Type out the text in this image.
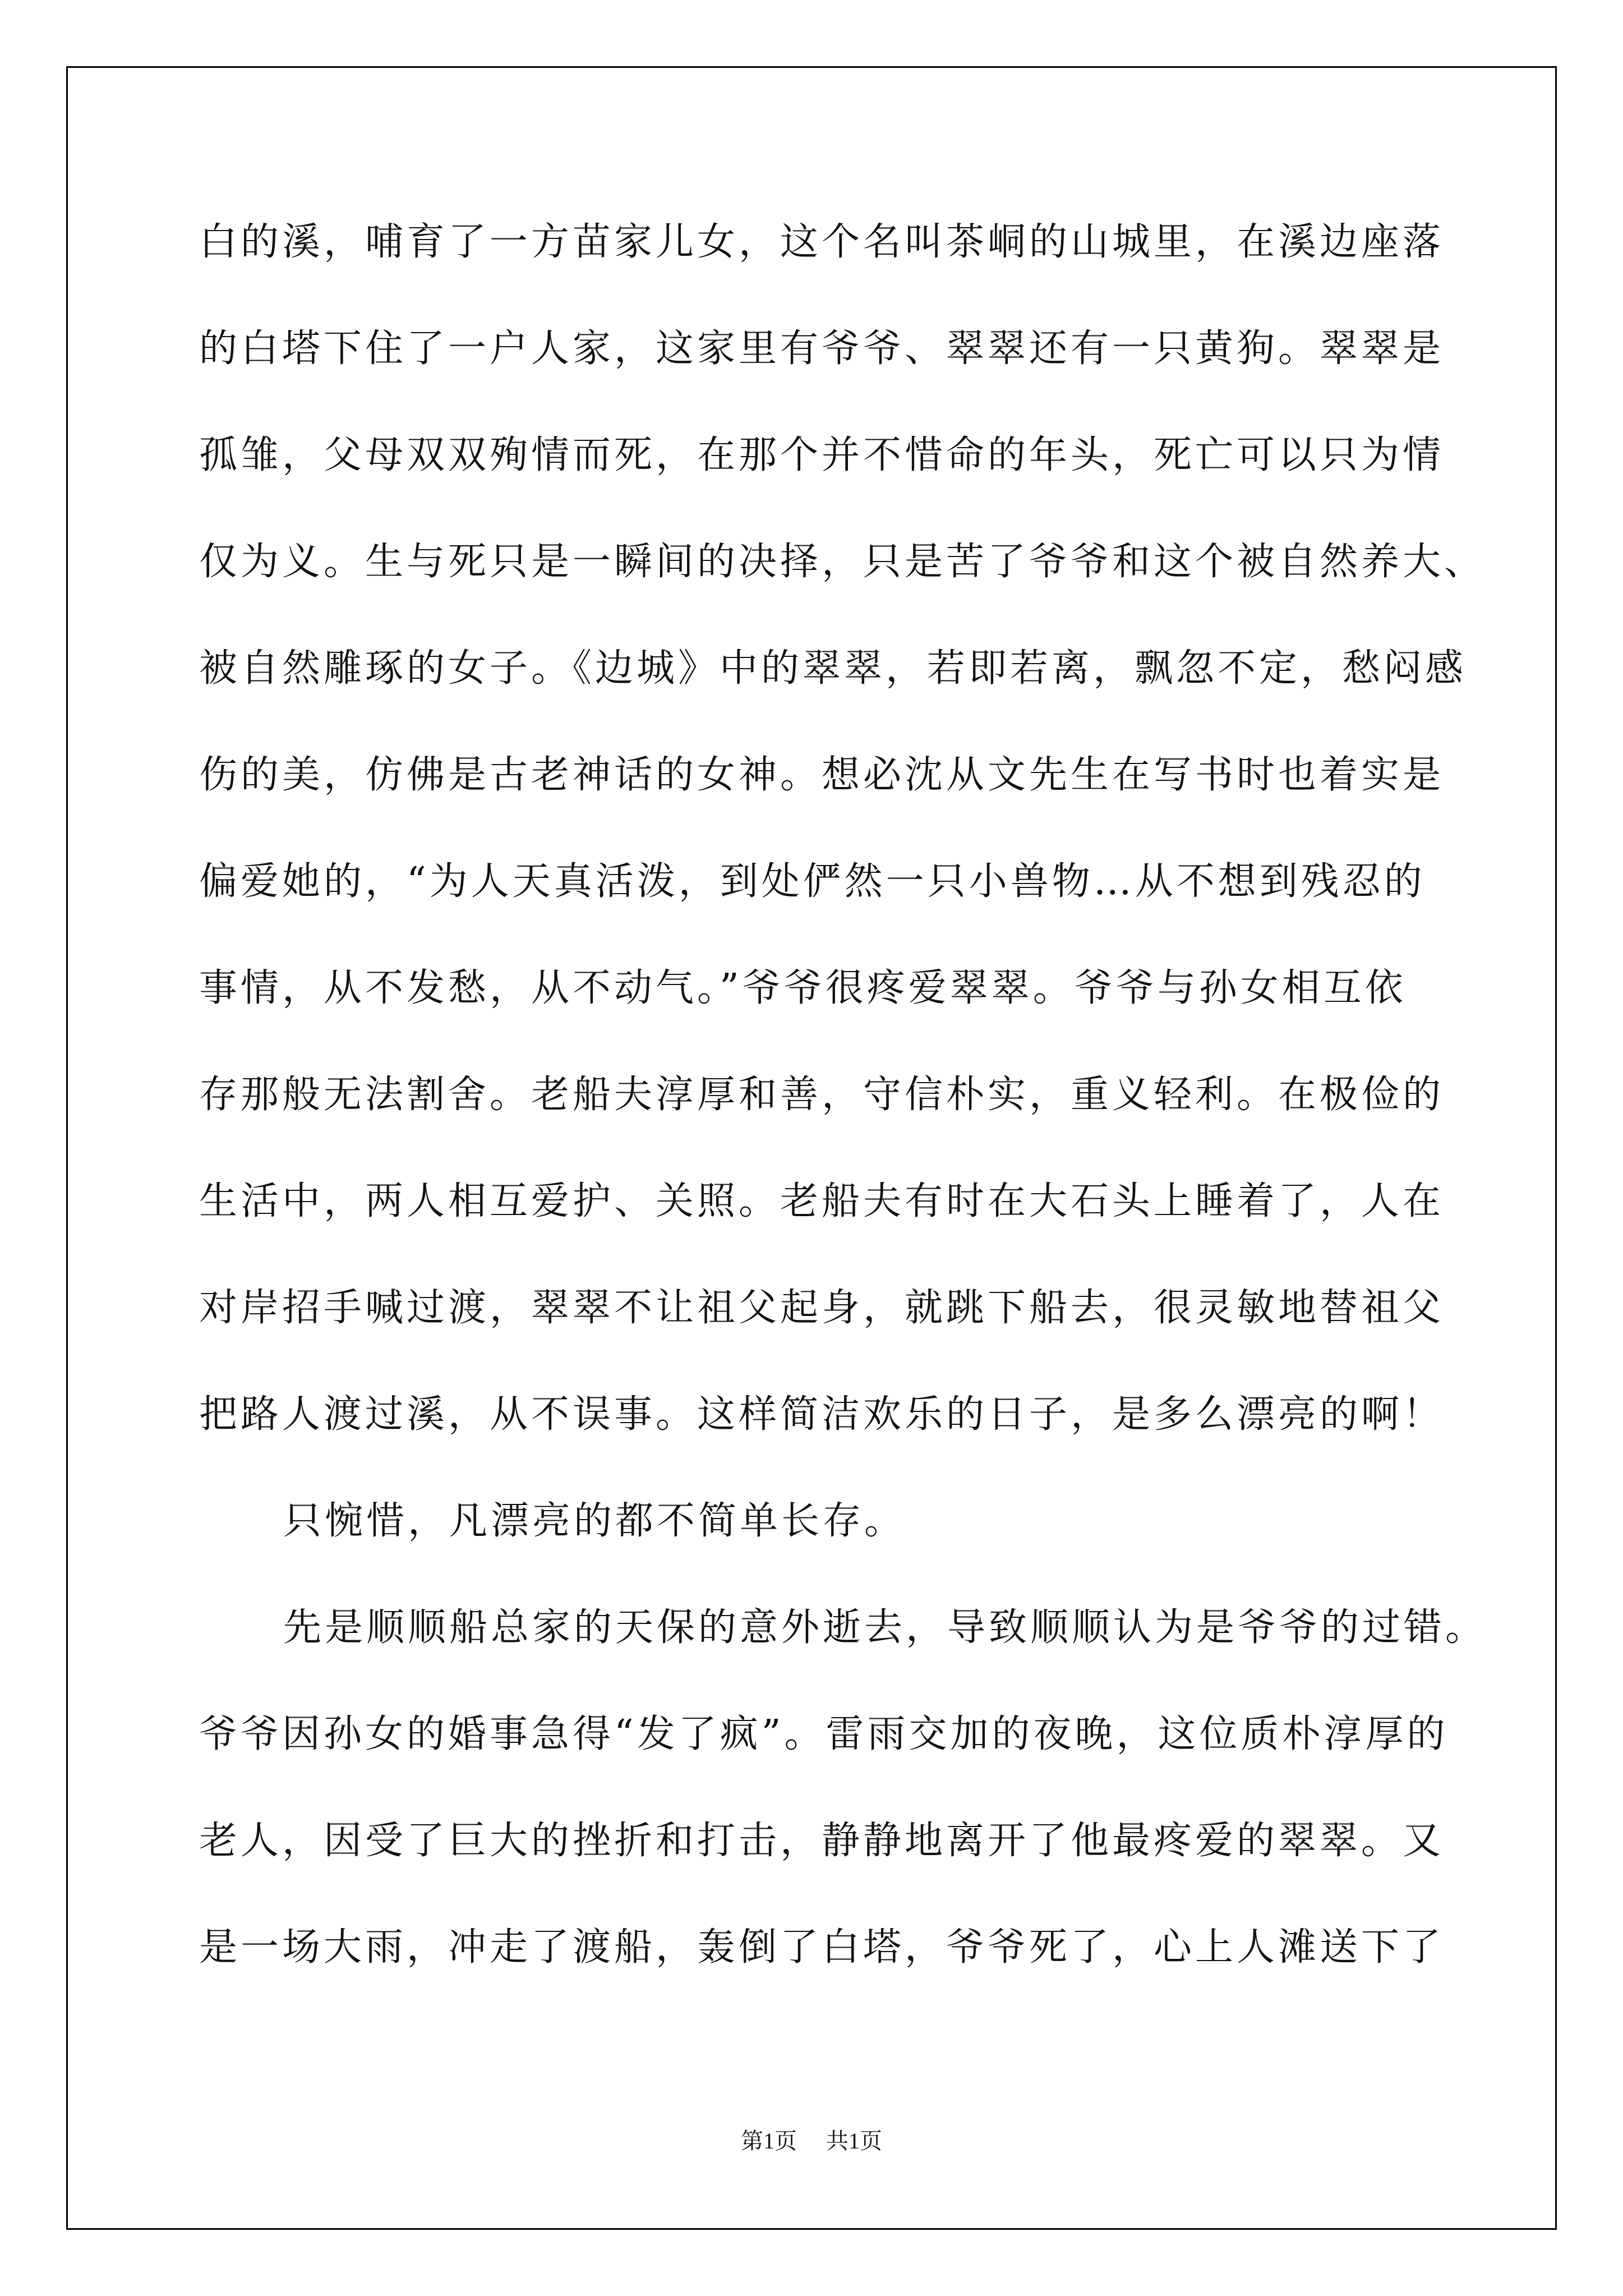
白的溪，哺育了一方苗家儿女，这个名叫茶峒的山城里，在溪边座落
的白塔下住了一户人家，这家里有爷爷、翠翠还有一只黄狗。翠翠是
孤雏，父母双双殉情而死，在那个并不惜命的年头，死亡可以只为情
仅为义。生与死只是一瞬间的决择，只是苦了爷爷和这个被自然养大、
被自然雕琢的女子。《边城》中的翠翠，若即若离，飘忽不定，愁闷感
伤的美，仿佛是古老神话的女神。想必沈从文先生在写书时也着实是
偏爱她的，“为人天真活泼，到处俨然一只小兽物…从不想到残忍的
事情，从不发愁，从不动气。”爷爷很疼爱翠翠。爷爷与孙女相互依
存那般无法割舍。老船夫淳厚和善，守信朴实，重义轻利。在极俭的
生活中，两人相互爱护、关照。老船夫有时在大石头上睡着了，人在
对岸招手喊过渡，翠翠不让祖父起身，就跳下船去，很灵敏地替祖父
把路人渡过溪，从不误事。这样简洁欢乐的日子，是多么漂亮的啊！
只惋惜，凡漂亮的都不简单长存。
先是顺顺船总家的天保的意外逝去，导致顺顺认为是爷爷的过错。
爷爷因孙女的婚事急得“发了疯”。雷雨交加的夜晚，这位质朴淳厚的
老人，因受了巨大的挫折和打击，静静地离开了他最疼爱的翠翠。又
是一场大雨，冲走了渡船，轰倒了白塔，爷爷死了，心上人滩送下了
第1页 共1页
